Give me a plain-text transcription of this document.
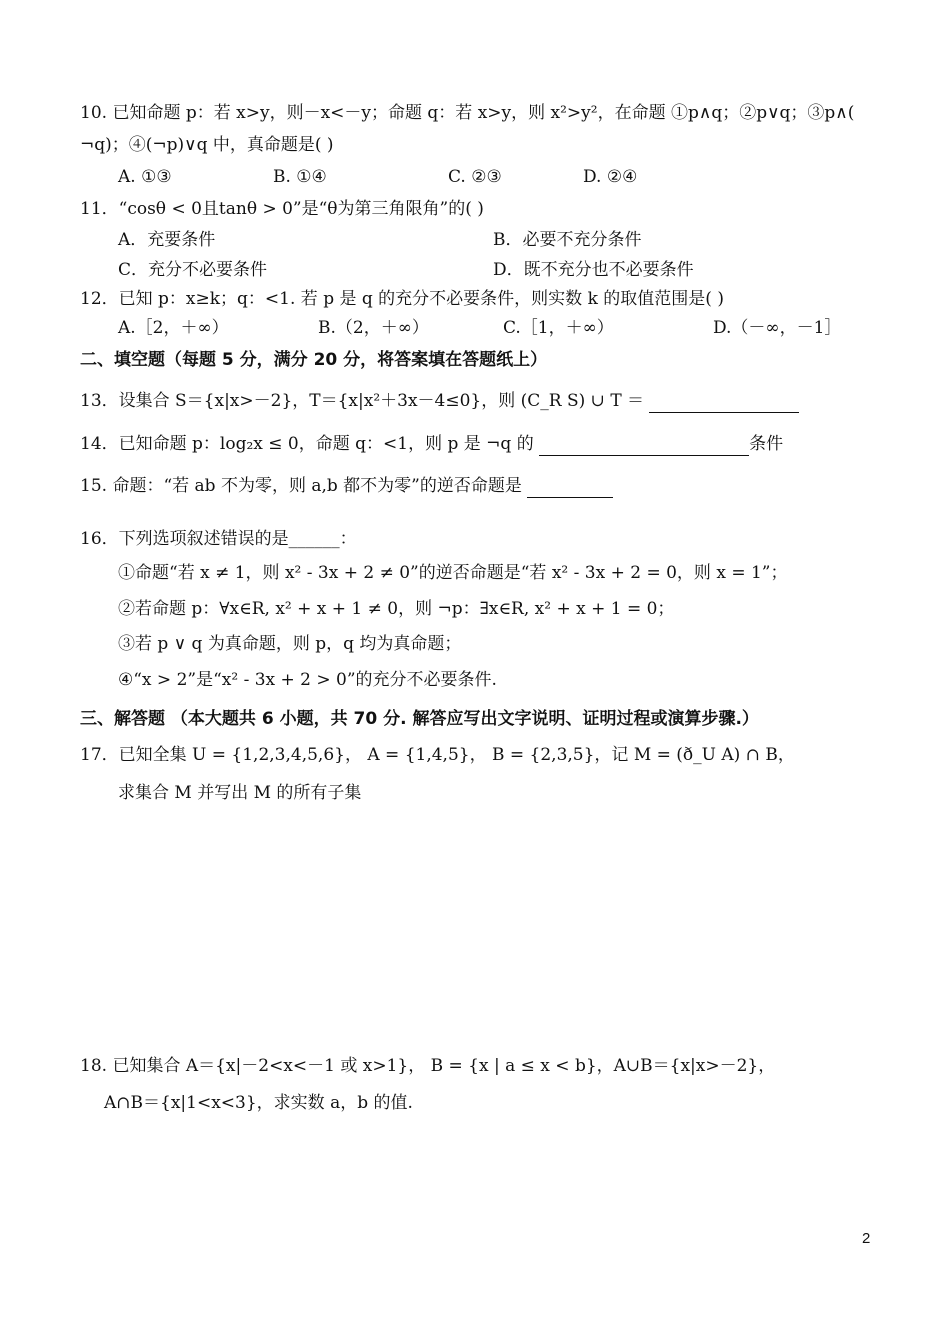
10. 已知命题 p：若 x>y，则－x<－y；命题 q：若 x>y，则 x²>y²，在命题 ①p∧q；②p∨q；③p∧(
¬q)；④(¬p)∨q 中，真命题是( )
A. ①③	B. ①④	C. ②③	D. ②④
11．“cosθ < 0且tanθ > 0”是“θ为第三角限角”的( )
A．充要条件	B．必要不充分条件
C．充分不必要条件	D．既不充分也不必要条件
12．已知 p：x≥k；q：<1. 若 p 是 q 的充分不必要条件，则实数 k 的取值范围是( )
A.［2，＋∞）	B.（2，＋∞）	C.［1，＋∞）	D.（－∞，－1］
二、填空题（每题 5 分，满分 20 分，将答案填在答题纸上）
13．设集合 S＝{x|x>－2}，T＝{x|x²＋3x－4≤0}，则 (C_R S) ∪ T ＝
14．已知命题 p：log₂x ≤ 0，命题 q：<1，则 p 是 ¬q 的	条件
15. 命题：“若 ab 不为零，则 a,b 都不为零”的逆否命题是
16．下列选项叙述错误的是______：
①命题“若 x ≠ 1，则 x² - 3x + 2 ≠ 0”的逆否命题是“若 x² - 3x + 2 = 0，则 x = 1”；
②若命题 p：∀x∈R, x² + x + 1 ≠ 0，则 ¬p：∃x∈R, x² + x + 1 = 0；
③若 p ∨ q 为真命题，则 p，q 均为真命题；
④“x > 2”是“x² - 3x + 2 > 0”的充分不必要条件.
三、解答题 （本大题共 6 小题，共 70 分. 解答应写出文字说明、证明过程或演算步骤.）
17．已知全集 U = {1,2,3,4,5,6}， A = {1,4,5}， B = {2,3,5}，记 M = (ð_U A) ∩ B，
求集合 M 并写出 M 的所有子集
18. 已知集合 A＝{x|－2<x<－1 或 x>1}， B = {x | a ≤ x < b}，A∪B＝{x|x>－2}，
A∩B＝{x|1<x<3}，求实数 a，b 的值.
2
